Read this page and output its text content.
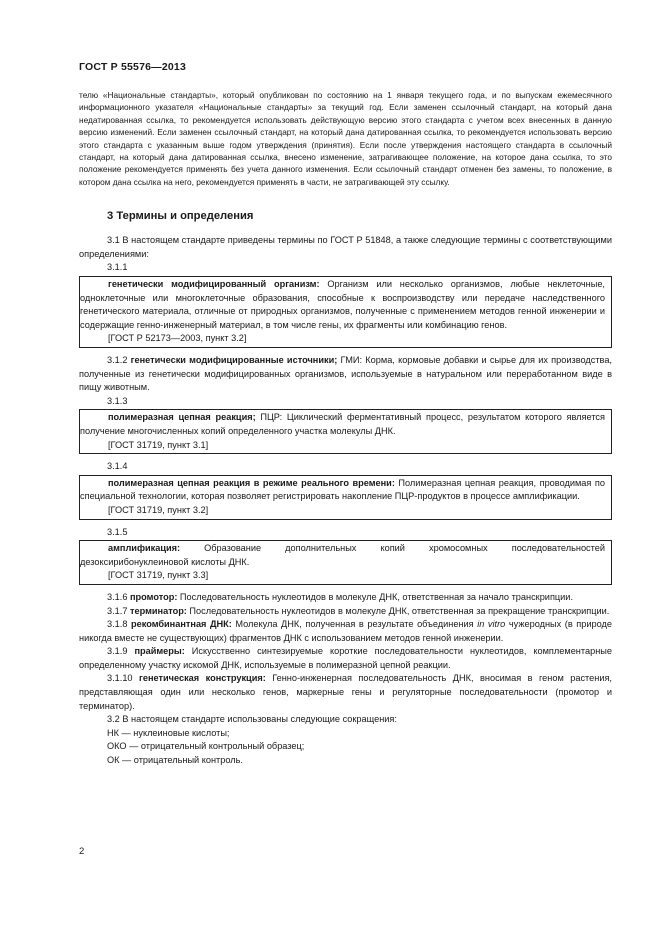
ГОСТ Р 55576—2013

телю «Национальные стандарты», который опубликован по состоянию на 1 января текущего года, и по выпускам ежемесячного информационного указателя «Национальные стандарты» за текущий год. Если заменен ссылочный стандарт, на который дана недатированная ссылка, то рекомендуется использовать действующую версию этого стандарта с учетом всех внесенных в данную версию изменений. Если заменен ссылочный стандарт, на который дана датированная ссылка, то рекомендуется использовать версию этого стандарта с указанным выше годом утверждения (принятия). Если после утверждения настоящего стандарта в ссылочный стандарт, на который дана датированная ссылка, внесено изменение, затрагивающее положение, на которое дана ссылка, то это положение рекомендуется применять без учета данного изменения. Если ссылочный стандарт отменен без замены, то положение, в котором дана ссылка на него, рекомендуется применять в части, не затрагивающей эту ссылку.

3 Термины и определения

3.1 В настоящем стандарте приведены термины по ГОСТ Р 51848, а также следующие термины с соответствующими определениями:

3.1.1

генетически модифицированный организм: Организм или несколько организмов, любые неклеточные, одноклеточные или многоклеточные образования, способные к воспроизводству или передаче наследственного генетического материала, отличные от природных организмов, полученные с применением методов генной инженерии и содержащие генно-инженерный материал, в том числе гены, их фрагменты или комбинацию генов.

[ГОСТ Р 52173—2003, пункт 3.2]

3.1.2 генетически модифицированные источники; ГМИ: Корма, кормовые добавки и сырье для их производства, полученные из генетически модифицированных организмов, используемые в натуральном или переработанном виде в пищу животным.

3.1.3

полимеразная цепная реакция; ПЦР: Циклический ферментативный процесс, результатом которого является получение многочисленных копий определенного участка молекулы ДНК.

[ГОСТ 31719, пункт 3.1]

3.1.4

полимеразная цепная реакция в режиме реального времени: Полимеразная цепная реакция, проводимая по специальной технологии, которая позволяет регистрировать накопление ПЦР-продуктов в процессе амплификации.

[ГОСТ 31719, пункт 3.2]

3.1.5

амплификация: Образование дополнительных копий хромосомных последовательностей дезоксирибонуклеиновой кислоты ДНК.

[ГОСТ 31719, пункт 3.3]

3.1.6 промотор: Последовательность нуклеотидов в молекуле ДНК, ответственная за начало транскрипции.

3.1.7 терминатор: Последовательность нуклеотидов в молекуле ДНК, ответственная за прекращение транскрипции.

3.1.8 рекомбинантная ДНК: Молекула ДНК, полученная в результате объединения in vitro чужеродных (в природе никогда вместе не существующих) фрагментов ДНК с использованием методов генной инженерии.

3.1.9 праймеры: Искусственно синтезируемые короткие последовательности нуклеотидов, комплементарные определенному участку искомой ДНК, используемые в полимеразной цепной реакции.

3.1.10 генетическая конструкция: Генно-инженерная последовательность ДНК, вносимая в геном растения, представляющая один или несколько генов, маркерные гены и регуляторные последовательности (промотор и терминатор).

3.2 В настоящем стандарте использованы следующие сокращения:

НК — нуклеиновые кислоты;
ОКО — отрицательный контрольный образец;
ОК — отрицательный контроль.
2
